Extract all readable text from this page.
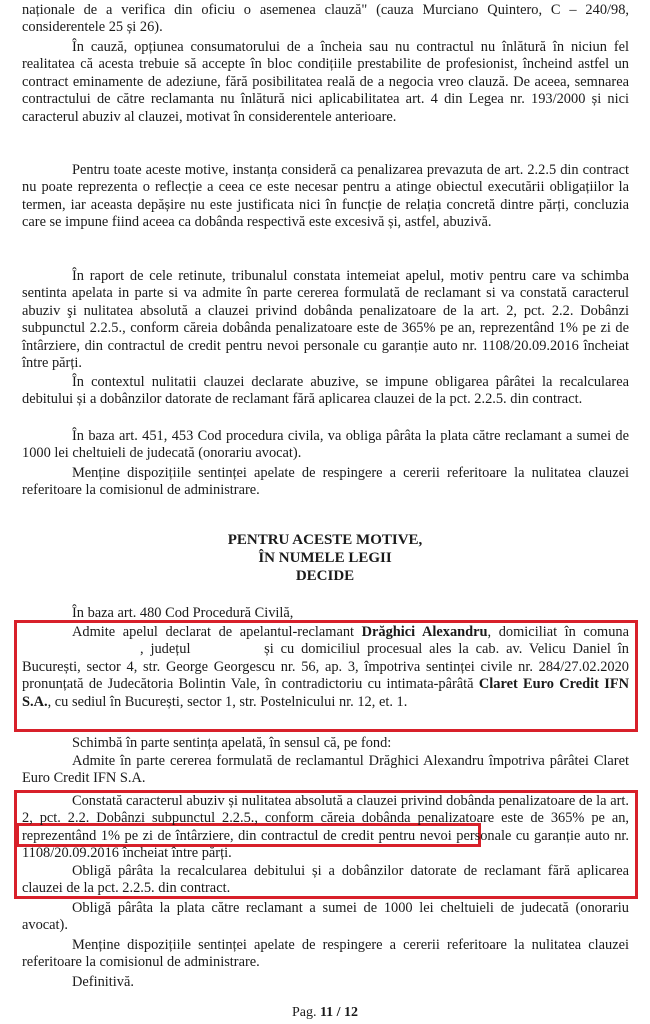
naționale de a verifica din oficiu o asemenea clauză" (cauza Murciano Quintero, C – 240/98, considerentele 25 și 26).

În cauză, opțiunea consumatorului de a încheia sau nu contractul nu înlătură în niciun fel realitatea că acesta trebuie să accepte în bloc condițiile prestabilite de profesionist, încheind astfel un contract eminamente de adeziune, fără posibilitatea reală de a negocia vreo clauză. De aceea, semnarea contractului de către reclamanta nu înlătură nici aplicabilitatea art. 4 din Legea nr. 193/2000 și nici caracterul abuziv al clauzei, motivat în considerentele anterioare.

Pentru toate aceste motive, instanța consideră ca penalizarea prevazuta de art. 2.2.5 din contract nu poate reprezenta o reflecție a ceea ce este necesar pentru a atinge obiectul executării obligațiilor la termen, iar aceasta depășire nu este justificata nici în funcție de relația concretă dintre părți, concluzia care se impune fiind aceea ca dobânda respectivă este excesivă și, astfel, abuzivă.

În raport de cele retinute, tribunalul constata intemeiat apelul, motiv pentru care va schimba sentinta apelata in parte si va admite în parte cererea formulată de reclamant si va constată caracterul abuziv şi nulitatea absolută a clauzei privind dobânda penalizatoare de la art. 2, pct. 2.2. Dobânzi subpunctul 2.2.5., conform căreia dobânda penalizatoare este de 365% pe an, reprezentând 1% pe zi de întârziere, din contractul de credit pentru nevoi personale cu garanție auto nr. 1108/20.09.2016 încheiat între părți.

În contextul nulitatii clauzei declarate abuzive, se impune obligarea pârâtei la recalcularea debitului și a dobânzilor datorate de reclamant fără aplicarea clauzei de la pct. 2.2.5. din contract.

În baza art. 451, 453 Cod procedura civila, va obliga pârâta la plata către reclamant a sumei de 1000 lei cheltuieli de judecată (onorariu avocat).

Menține dispozițiile sentinței apelate de respingere a cererii referitoare la nulitatea clauzei referitoare la comisionul de administrare.

PENTRU ACESTE MOTIVE,

ÎN NUMELE LEGII

DECIDE

În baza art. 480 Cod Procedură Civilă,

Admite apelul declarat de apelantul-reclamant Drăghici Alexandru, domiciliat în comuna , județul	și cu domiciliul procesual ales la cab. av. Velicu Daniel în București, sector 4, str. George Georgescu nr. 56, ap. 3, împotriva sentinței civile nr. 284/27.02.2020 pronunțată de Judecătoria Bolintin Vale, în contradictoriu cu intimata-pârâtă Claret Euro Credit IFN S.A., cu sediul în București, sector 1, str. Postelnicului nr. 12, et. 1.

Schimbă în parte sentința apelată, în sensul că, pe fond:

Admite în parte cererea formulată de reclamantul Drăghici Alexandru împotriva pârâtei Claret Euro Credit IFN S.A.

Constată caracterul abuziv și nulitatea absolută a clauzei privind dobânda penalizatoare de la art. 2, pct. 2.2. Dobânzi subpunctul 2.2.5., conform căreia dobânda penalizatoare este de 365% pe an, reprezentând 1% pe zi de întârziere, din contractul de credit pentru nevoi personale cu garanție auto nr. 1108/20.09.2016 încheiat între părți.

Obligă pârâta la recalcularea debitului și a dobânzilor datorate de reclamant fără aplicarea clauzei de la pct. 2.2.5. din contract.

Obligă pârâta la plata către reclamant a sumei de 1000 lei cheltuieli de judecată (onorariu avocat).

Menține dispozițiile sentinței apelate de respingere a cererii referitoare la nulitatea clauzei referitoare la comisionul de administrare.

Definitivă.

Pag. 11 / 12
